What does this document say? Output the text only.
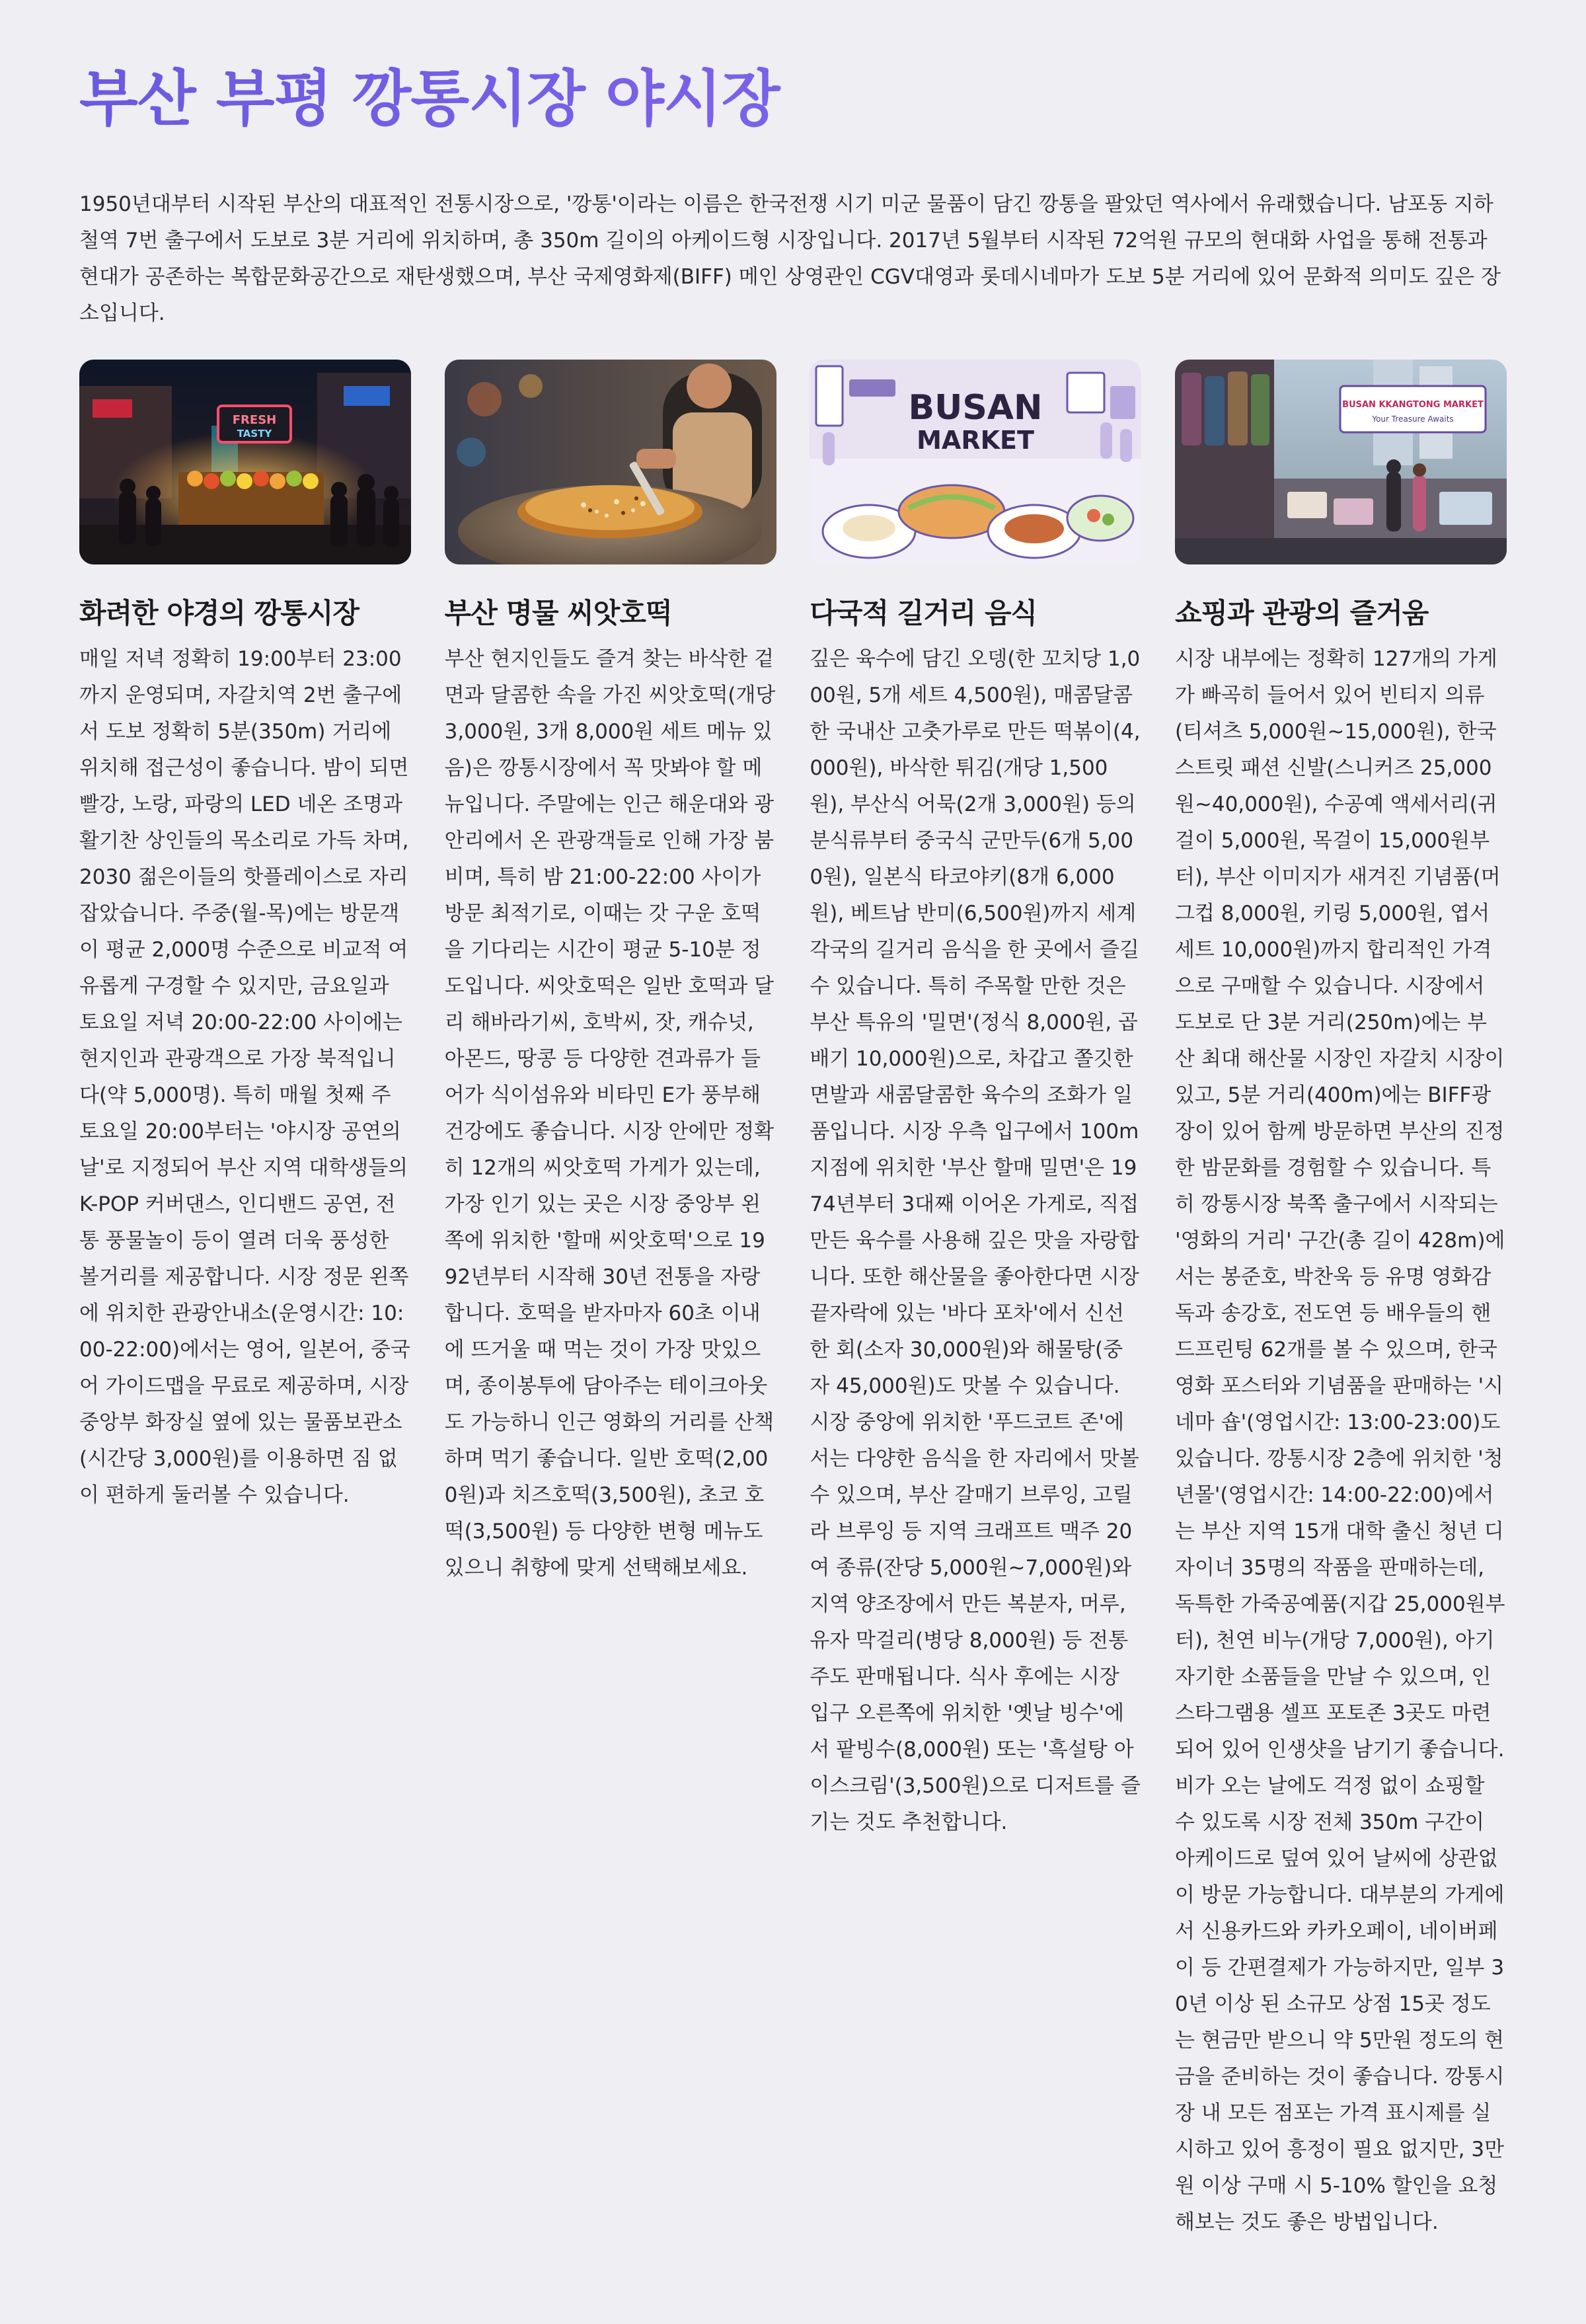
부산 부평 깡통시장 야시장

1950년대부터 시작된 부산의 대표적인 전통시장으로, '깡통'이라는 이름은 한국전쟁 시기 미군 물품이 담긴 깡통을 팔았던 역사에서 유래했습니다. 남포동 지하철역 7번 출구에서 도보로 3분 거리에 위치하며, 총 350m 길이의 아케이드형 시장입니다. 2017년 5월부터 시작된 72억원 규모의 현대화 사업을 통해 전통과 현대가 공존하는 복합문화공간으로 재탄생했으며, 부산 국제영화제(BIFF) 메인 상영관인 CGV대영과 롯데시네마가 도보 5분 거리에 있어 문화적 의미도 깊은 장소입니다.

FRESH
TASTY
화려한 야경의 깡통시장

매일 저녁 정확히 19:00부터 23:00까지 운영되며, 자갈치역 2번 출구에서 도보 정확히 5분(350m) 거리에 위치해 접근성이 좋습니다. 밤이 되면 빨강, 노랑, 파랑의 LED 네온 조명과 활기찬 상인들의 목소리로 가득 차며, 2030 젊은이들의 핫플레이스로 자리잡았습니다. 주중(월-목)에는 방문객이 평균 2,000명 수준으로 비교적 여유롭게 구경할 수 있지만, 금요일과 토요일 저녁 20:00-22:00 사이에는 현지인과 관광객으로 가장 북적입니다(약 5,000명). 특히 매월 첫째 주 토요일 20:00부터는 '야시장 공연의 날'로 지정되어 부산 지역 대학생들의 K-POP 커버댄스, 인디밴드 공연, 전통 풍물놀이 등이 열려 더욱 풍성한 볼거리를 제공합니다. 시장 정문 왼쪽에 위치한 관광안내소(운영시간: 10:00-22:00)에서는 영어, 일본어, 중국어 가이드맵을 무료로 제공하며, 시장 중앙부 화장실 옆에 있는 물품보관소(시간당 3,000원)를 이용하면 짐 없이 편하게 둘러볼 수 있습니다.

부산 명물 씨앗호떡

부산 현지인들도 즐겨 찾는 바삭한 겉면과 달콤한 속을 가진 씨앗호떡(개당 3,000원, 3개 8,000원 세트 메뉴 있음)은 깡통시장에서 꼭 맛봐야 할 메뉴입니다. 주말에는 인근 해운대와 광안리에서 온 관광객들로 인해 가장 붐비며, 특히 밤 21:00-22:00 사이가 방문 최적기로, 이때는 갓 구운 호떡을 기다리는 시간이 평균 5-10분 정도입니다. 씨앗호떡은 일반 호떡과 달리 해바라기씨, 호박씨, 잣, 캐슈넛, 아몬드, 땅콩 등 다양한 견과류가 들어가 식이섬유와 비타민 E가 풍부해 건강에도 좋습니다. 시장 안에만 정확히 12개의 씨앗호떡 가게가 있는데, 가장 인기 있는 곳은 시장 중앙부 왼쪽에 위치한 '할매 씨앗호떡'으로 1992년부터 시작해 30년 전통을 자랑합니다. 호떡을 받자마자 60초 이내에 뜨거울 때 먹는 것이 가장 맛있으며, 종이봉투에 담아주는 테이크아웃도 가능하니 인근 영화의 거리를 산책하며 먹기 좋습니다. 일반 호떡(2,000원)과 치즈호떡(3,500원), 초코 호떡(3,500원) 등 다양한 변형 메뉴도 있으니 취향에 맞게 선택해보세요.

BUSAN
MARKET
다국적 길거리 음식

깊은 육수에 담긴 오뎅(한 꼬치당 1,000원, 5개 세트 4,500원), 매콤달콤한 국내산 고춧가루로 만든 떡볶이(4,000원), 바삭한 튀김(개당 1,500원), 부산식 어묵(2개 3,000원) 등의 분식류부터 중국식 군만두(6개 5,000원), 일본식 타코야키(8개 6,000원), 베트남 반미(6,500원)까지 세계 각국의 길거리 음식을 한 곳에서 즐길 수 있습니다. 특히 주목할 만한 것은 부산 특유의 '밀면'(정식 8,000원, 곱배기 10,000원)으로, 차갑고 쫄깃한 면발과 새콤달콤한 육수의 조화가 일품입니다. 시장 우측 입구에서 100m 지점에 위치한 '부산 할매 밀면'은 1974년부터 3대째 이어온 가게로, 직접 만든 육수를 사용해 깊은 맛을 자랑합니다. 또한 해산물을 좋아한다면 시장 끝자락에 있는 '바다 포차'에서 신선한 회(소자 30,000원)와 해물탕(중자 45,000원)도 맛볼 수 있습니다. 시장 중앙에 위치한 '푸드코트 존'에서는 다양한 음식을 한 자리에서 맛볼 수 있으며, 부산 갈매기 브루잉, 고릴라 브루잉 등 지역 크래프트 맥주 20여 종류(잔당 5,000원~7,000원)와 지역 양조장에서 만든 복분자, 머루, 유자 막걸리(병당 8,000원) 등 전통주도 판매됩니다. 식사 후에는 시장 입구 오른쪽에 위치한 '옛날 빙수'에서 팥빙수(8,000원) 또는 '흑설탕 아이스크림'(3,500원)으로 디저트를 즐기는 것도 추천합니다.

BUSAN KKANGTONG MARKET
Your Treasure Awaits
쇼핑과 관광의 즐거움

시장 내부에는 정확히 127개의 가게가 빠곡히 들어서 있어 빈티지 의류(티셔츠 5,000원~15,000원), 한국 스트릿 패션 신발(스니커즈 25,000원~40,000원), 수공예 액세서리(귀걸이 5,000원, 목걸이 15,000원부터), 부산 이미지가 새겨진 기념품(머그컵 8,000원, 키링 5,000원, 엽서 세트 10,000원)까지 합리적인 가격으로 구매할 수 있습니다. 시장에서 도보로 단 3분 거리(250m)에는 부산 최대 해산물 시장인 자갈치 시장이 있고, 5분 거리(400m)에는 BIFF광장이 있어 함께 방문하면 부산의 진정한 밤문화를 경험할 수 있습니다. 특히 깡통시장 북쪽 출구에서 시작되는 '영화의 거리' 구간(총 길이 428m)에서는 봉준호, 박찬욱 등 유명 영화감독과 송강호, 전도연 등 배우들의 핸드프린팅 62개를 볼 수 있으며, 한국영화 포스터와 기념품을 판매하는 '시네마 숍'(영업시간: 13:00-23:00)도 있습니다. 깡통시장 2층에 위치한 '청년몰'(영업시간: 14:00-22:00)에서는 부산 지역 15개 대학 출신 청년 디자이너 35명의 작품을 판매하는데, 독특한 가죽공예품(지갑 25,000원부터), 천연 비누(개당 7,000원), 아기자기한 소품들을 만날 수 있으며, 인스타그램용 셀프 포토존 3곳도 마련되어 있어 인생샷을 남기기 좋습니다. 비가 오는 날에도 걱정 없이 쇼핑할 수 있도록 시장 전체 350m 구간이 아케이드로 덮여 있어 날씨에 상관없이 방문 가능합니다. 대부분의 가게에서 신용카드와 카카오페이, 네이버페이 등 간편결제가 가능하지만, 일부 30년 이상 된 소규모 상점 15곳 정도는 현금만 받으니 약 5만원 정도의 현금을 준비하는 것이 좋습니다. 깡통시장 내 모든 점포는 가격 표시제를 실시하고 있어 흥정이 필요 없지만, 3만원 이상 구매 시 5-10% 할인을 요청해보는 것도 좋은 방법입니다.
